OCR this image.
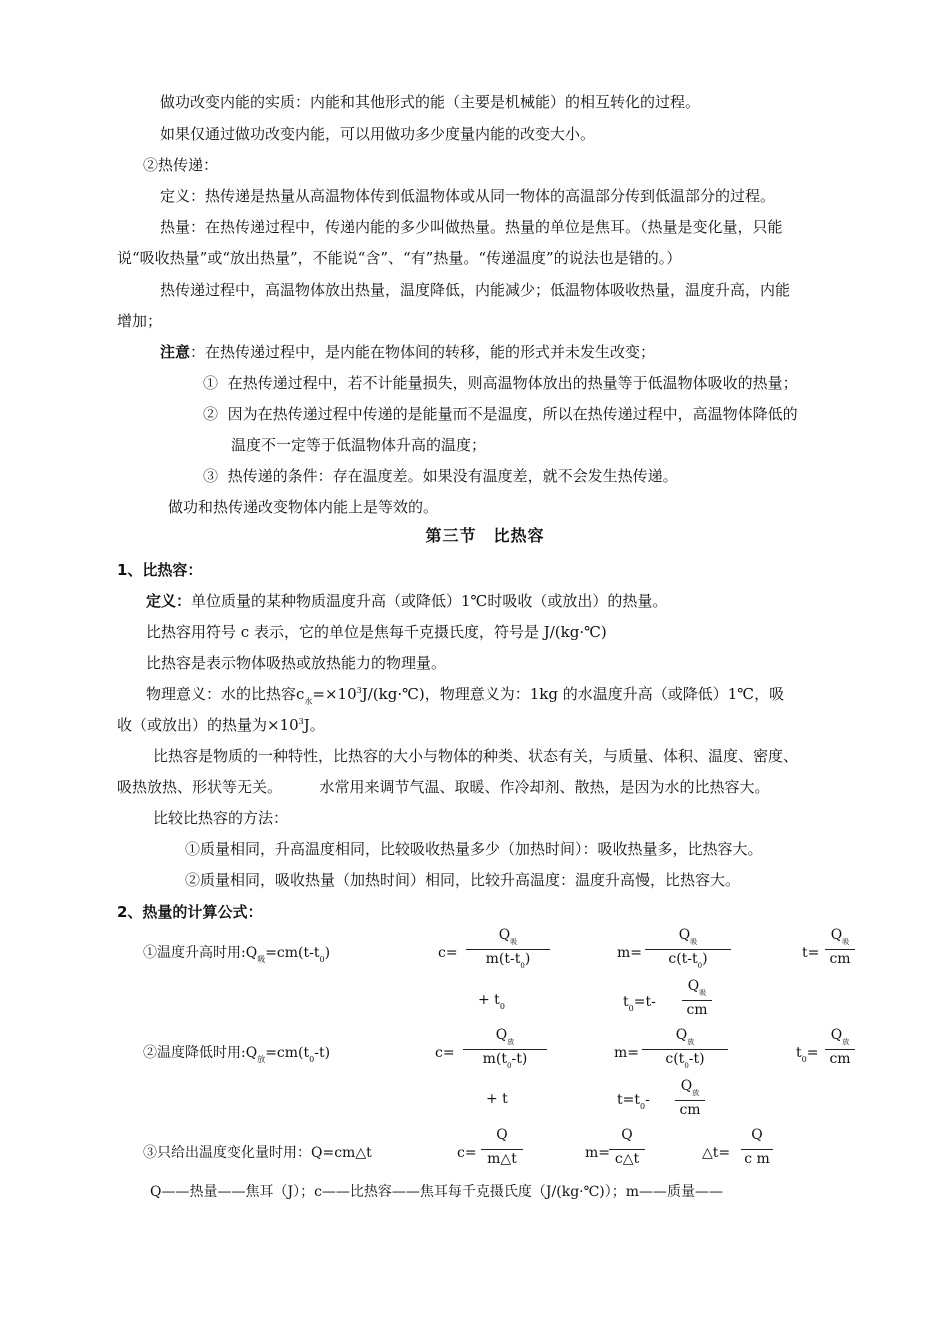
做功改变内能的实质：内能和其他形式的能（主要是机械能）的相互转化的过程。
如果仅通过做功改变内能，可以用做功多少度量内能的改变大小。
②热传递：
定义：热传递是热量从高温物体传到低温物体或从同一物体的高温部分传到低温部分的过程。
热量：在热传递过程中，传递内能的多少叫做热量。热量的单位是焦耳。（热量是变化量，只能
说“吸收热量”或“放出热量”，不能说“含”、“有”热量。“传递温度”的说法也是错的。）
热传递过程中，高温物体放出热量，温度降低，内能减少；低温物体吸收热量，温度升高，内能
增加；
注意：在热传递过程中，是内能在物体间的转移，能的形式并未发生改变；
① 在热传递过程中，若不计能量损失，则高温物体放出的热量等于低温物体吸收的热量；
② 因为在热传递过程中传递的是能量而不是温度，所以在热传递过程中，高温物体降低的
温度不一定等于低温物体升高的温度；
③ 热传递的条件：存在温度差。如果没有温度差，就不会发生热传递。
做功和热传递改变物体内能上是等效的。
第三节　比热容
1、比热容：
定义：单位质量的某种物质温度升高（或降低）1℃时吸收（或放出）的热量。
比热容用符号 c 表示，它的单位是焦每千克摄氏度，符号是 J/(kg·℃)
比热容是表示物体吸热或放热能力的物理量。
物理意义：水的比热容$c_水=\times 10^3J/(kg\cdot℃)$，物理意义为：1kg 的水温度升高（或降低）1℃，吸
收（或放出）的热量为$\times 10^3J$。
比热容是物质的一种特性，比热容的大小与物体的种类、状态有关，与质量、体积、温度、密度、
吸热放热、形状等无关。　　　水常用来调节气温、取暖、作冷却剂、散热，是因为水的比热容大。
比较比热容的方法：
①质量相同，升高温度相同，比较吸收热量多少（加热时间）：吸收热量多，比热容大。
②质量相同，吸收热量（加热时间）相同，比较升高温度：温度升高慢，比热容大。
2、热量的计算公式：
①温度升高时用$:Q_吸=cm(t-t_0)$	c=
$Q_吸$
$m(t-t_0)$
+ $t_0$
m=
$Q_吸$
$c(t-t_0)$	t=
$Q_吸$
cm
$t_0=t-$
$Q_吸$
cm
②温度降低时用$:Q_放=cm(t_0-t)$	c=
$Q_放$
$m(t_0-t)$
+ t
m=
$Q_放$
$c(t_0-t)$	$t_0=$
$Q_放$
cm
$t=t_0-$
$Q_放$
cm
③只给出温度变化量时用：Q=cm△t	c=
Q
m△t	m=
Q
c△t	△t=
Q
c m
Q——热量——焦耳（J）；c——比热容——焦耳每千克摄氏度（J/(kg·℃)）；m——质量——
